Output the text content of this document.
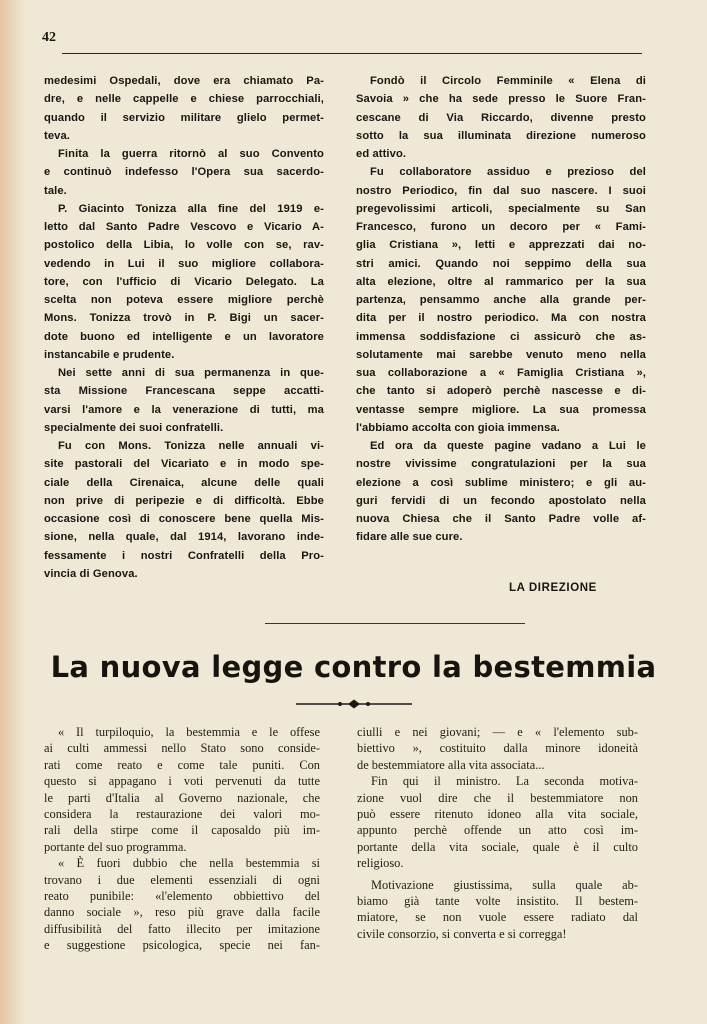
42
medesimi Ospedali, dove era chiamato Pa-
dre, e nelle cappelle e chiese parrocchiali,
quando il servizio militare glielo permet-
teva.
Finita la guerra ritornò al suo Convento
e continuò indefesso l'Opera sua sacerdo-
tale.
P. Giacinto Tonizza alla fine del 1919 e-
letto dal Santo Padre Vescovo e Vicario A-
postolico della Libia, lo volle con se, rav-
vedendo in Lui il suo migliore collabora-
tore, con l'ufficio di Vicario Delegato. La
scelta non poteva essere migliore perchè
Mons. Tonizza trovò in P. Bigi un sacer-
dote buono ed intelligente e un lavoratore
instancabile e prudente.
Nei sette anni di sua permanenza in que-
sta Missione Francescana seppe accatti-
varsi l'amore e la venerazione di tutti, ma
specialmente dei suoi confratelli.
Fu con Mons. Tonizza nelle annuali vi-
site pastorali del Vicariato e in modo spe-
ciale della Cirenaica, alcune delle quali
non prive di peripezie e di difficoltà. Ebbe
occasione così di conoscere bene quella Mis-
sione, nella quale, dal 1914, lavorano inde-
fessamente i nostri Confratelli della Pro-
vincia di Genova.
Fondò il Circolo Femminile « Elena di
Savoia » che ha sede presso le Suore Fran-
cescane di Via Riccardo, divenne presto
sotto la sua illuminata direzione numeroso
ed attivo.
Fu collaboratore assiduo e prezioso del
nostro Periodico, fin dal suo nascere. I suoi
pregevolissimi articoli, specialmente su San
Francesco, furono un decoro per « Fami-
glia Cristiana », letti e apprezzati dai no-
stri amici. Quando noi seppimo della sua
alta elezione, oltre al rammarico per la sua
partenza, pensammo anche alla grande per-
dita per il nostro periodico. Ma con nostra
immensa soddisfazione ci assicurò che as-
solutamente mai sarebbe venuto meno nella
sua collaborazione a « Famiglia Cristiana »,
che tanto si adoperò perchè nascesse e di-
ventasse sempre migliore. La sua promessa
l'abbiamo accolta con gioia immensa.
Ed ora da queste pagine vadano a Lui le
nostre vivissime congratulazioni per la sua
elezione a così sublime ministero; e gli au-
guri fervidi di un fecondo apostolato nella
nuova Chiesa che il Santo Padre volle af-
fidare alle sue cure.
LA DIREZIONE
La nuova legge contro la bestemmia
« Il turpiloquio, la bestemmia e le offese
ai culti ammessi nello Stato sono conside-
rati come reato e come tale puniti. Con
questo si appagano i voti pervenuti da tutte
le parti d'Italia al Governo nazionale, che
considera la restaurazione dei valori mo-
rali della stirpe come il caposaldo più im-
portante del suo programma.
« È fuori dubbio che nella bestemmia si
trovano i due elementi essenziali di ogni
reato punibile: «l'elemento obbiettivo del
danno sociale », reso più grave dalla facile
diffusibilità del fatto illecito per imitazione
e suggestione psicologica, specie nei fan-
ciulli e nei giovani; — e « l'elemento sub-
biettivo », costituito dalla minore idoneità
de bestemmiatore alla vita associata...
Fin qui il ministro. La seconda motiva-
zione vuol dire che il bestemmiatore non
può essere ritenuto idoneo alla vita sociale,
appunto perchè offende un atto così im-
portante della vita sociale, quale è il culto
religioso.
Motivazione giustissima, sulla quale ab-
biamo già tante volte insistito. Il bestem-
miatore, se non vuole essere radiato dal
civile consorzio, si converta e si corregga!
